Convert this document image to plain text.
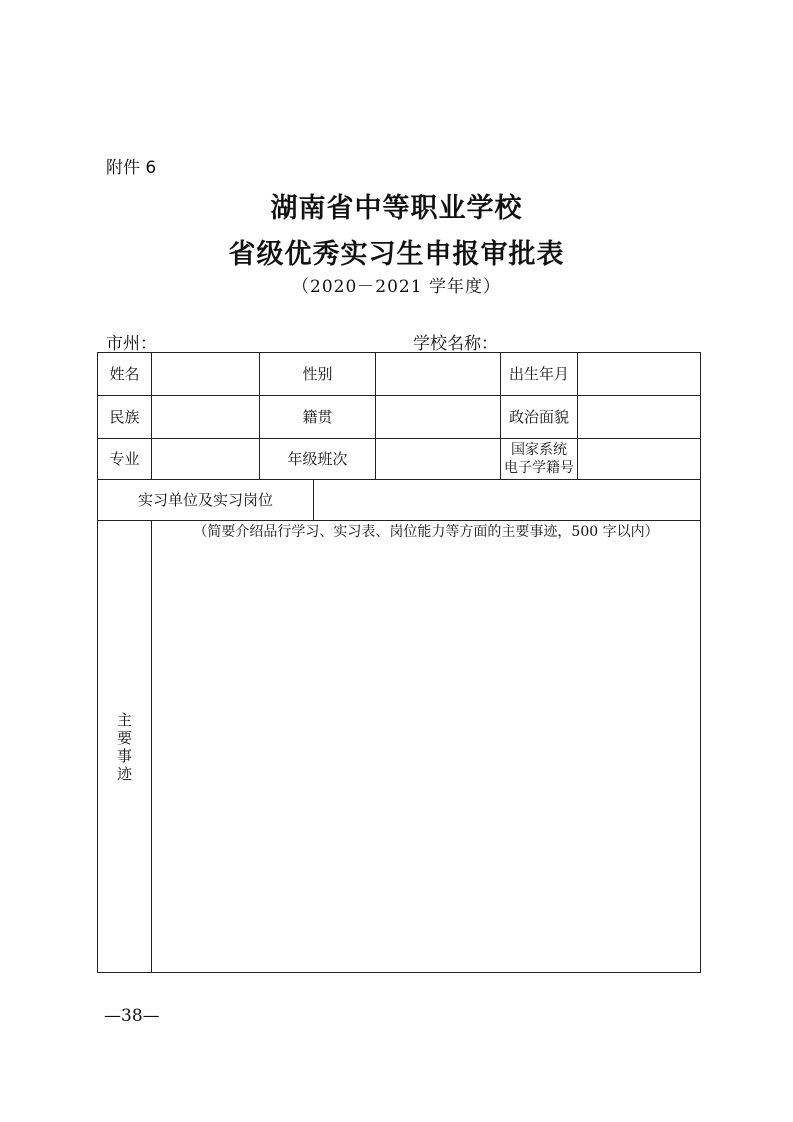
附件 6
湖南省中等职业学校
省级优秀实习生申报审批表
（2020－2021 学年度）
市州：	学校名称：
姓名		性别			出生年月	
民族		籍贯			政治面貌	
专业		年级班次			国家系统
电子学籍号	

实习单位及实习岗位						

主
要
事
迹	（简要介绍品行学习、实习表、岗位能力等方面的主要事迹，500 字以内）					
—38—
